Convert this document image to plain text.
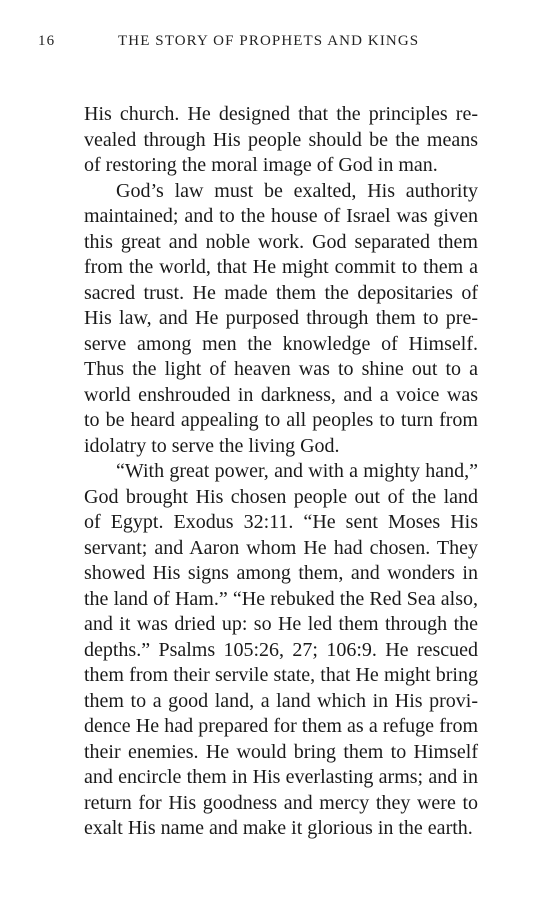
16	THE STORY OF PROPHETS AND KINGS

His church. He designed that the principles revealed through His people should be the means of restoring the moral image of God in man.

God’s law must be exalted, His authority maintained; and to the house of Israel was given this great and noble work. God separated them from the world, that He might commit to them a sacred trust. He made them the depositaries of His law, and He purposed through them to preserve among men the knowledge of Himself. Thus the light of heaven was to shine out to a world enshrouded in darkness, and a voice was to be heard appealing to all peoples to turn from idolatry to serve the living God.

“With great power, and with a mighty hand,” God brought His chosen people out of the land of Egypt. Exodus 32:11. “He sent Moses His servant; and Aaron whom He had chosen. They showed His signs among them, and wonders in the land of Ham.” “He rebuked the Red Sea also, and it was dried up: so He led them through the depths.” Psalms 105:26, 27; 106:9. He rescued them from their servile state, that He might bring them to a good land, a land which in His providence He had prepared for them as a refuge from their enemies. He would bring them to Himself and encircle them in His everlasting arms; and in return for His goodness and mercy they were to exalt His name and make it glorious in the earth.
